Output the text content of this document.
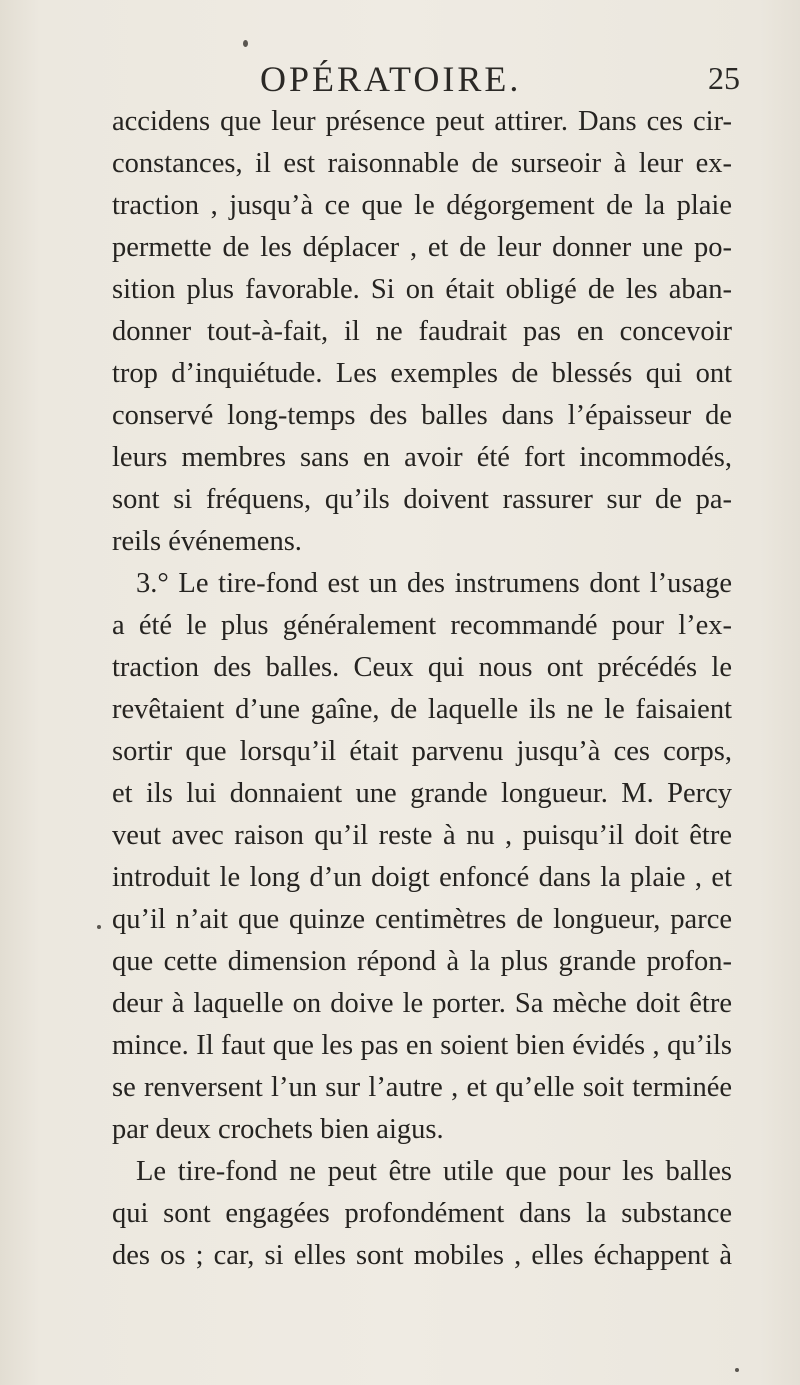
OPÉRATOIRE.	25
accidens que leur présence peut attirer. Dans ces cir-
constances, il est raisonnable de surseoir à leur ex-
traction , jusqu’à ce que le dégorgement de la plaie
permette de les déplacer , et de leur donner une po-
sition plus favorable. Si on était obligé de les aban-
donner tout-à-fait, il ne faudrait pas en concevoir
trop d’inquiétude. Les exemples de blessés qui ont
conservé long-temps des balles dans l’épaisseur de
leurs membres sans en avoir été fort incommodés,
sont si fréquens, qu’ils doivent rassurer sur de pa-
reils événemens.
3.° Le tire-fond est un des instrumens dont l’usage
a été le plus généralement recommandé pour l’ex-
traction des balles. Ceux qui nous ont précédés le
revêtaient d’une gaîne, de laquelle ils ne le faisaient
sortir que lorsqu’il était parvenu jusqu’à ces corps,
et ils lui donnaient une grande longueur. M. Percy
veut avec raison qu’il reste à nu , puisqu’il doit être
introduit le long d’un doigt enfoncé dans la plaie , et
qu’il n’ait que quinze centimètres de longueur, parce
que cette dimension répond à la plus grande profon-
deur à laquelle on doive le porter. Sa mèche doit être
mince. Il faut que les pas en soient bien évidés , qu’ils
se renversent l’un sur l’autre , et qu’elle soit terminée
par deux crochets bien aigus.
Le tire-fond ne peut être utile que pour les balles
qui sont engagées profondément dans la substance
des os ; car, si elles sont mobiles , elles échappent à
